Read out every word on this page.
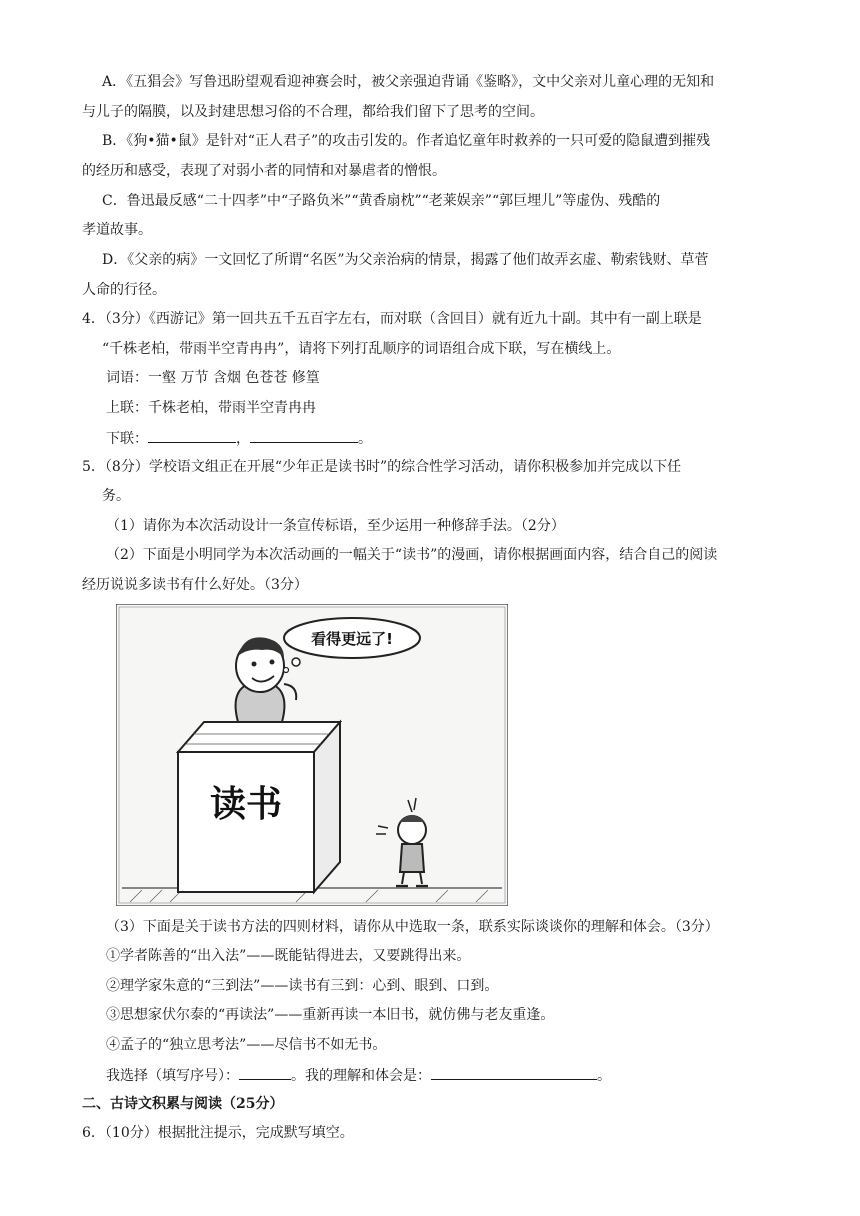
A．《五猖会》写鲁迅盼望观看迎神赛会时，被父亲强迫背诵《鉴略》，文中父亲对儿童心理的无知和
与儿子的隔膜，以及封建思想习俗的不合理，都给我们留下了思考的空间。
B．《狗•猫•鼠》是针对“正人君子”的攻击引发的。作者追忆童年时救养的一只可爱的隐鼠遭到摧残
的经历和感受，表现了对弱小者的同情和对暴虐者的憎恨。
C．鲁迅最反感“二十四孝”中“子路负米”“黄香扇枕”“老莱娱亲”“郭巨埋儿”等虚伪、残酷的
孝道故事。
D．《父亲的病》一文回忆了所谓“名医”为父亲治病的情景，揭露了他们故弄玄虚、勒索钱财、草菅
人命的行径。
4．（3分）《西游记》第一回共五千五百字左右，而对联（含回目）就有近九十副。其中有一副上联是
“千株老柏，带雨半空青冉冉”，请将下列打乱顺序的词语组合成下联，写在横线上。
词语：一壑 万节 含烟 色苍苍 修篁
上联：千株老柏，带雨半空青冉冉
下联：	，	。
5．（8分）学校语文组正在开展“少年正是读书时”的综合性学习活动，请你积极参加并完成以下任
务。
（1）请你为本次活动设计一条宣传标语，至少运用一种修辞手法。（2分）
（2）下面是小明同学为本次活动画的一幅关于“读书”的漫画，请你根据画面内容，结合自己的阅读
经历说说多读书有什么好处。（3分）
读书
看得更远了!
（3）下面是关于读书方法的四则材料，请你从中选取一条，联系实际谈谈你的理解和体会。（3分）
①学者陈善的“出入法”——既能钻得进去，又要跳得出来。
②理学家朱意的“三到法”——读书有三到：心到、眼到、口到。
③思想家伏尔泰的“再读法”——重新再读一本旧书，就仿佛与老友重逢。
④孟子的“独立思考法”——尽信书不如无书。
我选择（填写序号）：	。我的理解和体会是：	。
二、古诗文积累与阅读（25分）
6．（10分）根据批注提示，完成默写填空。
